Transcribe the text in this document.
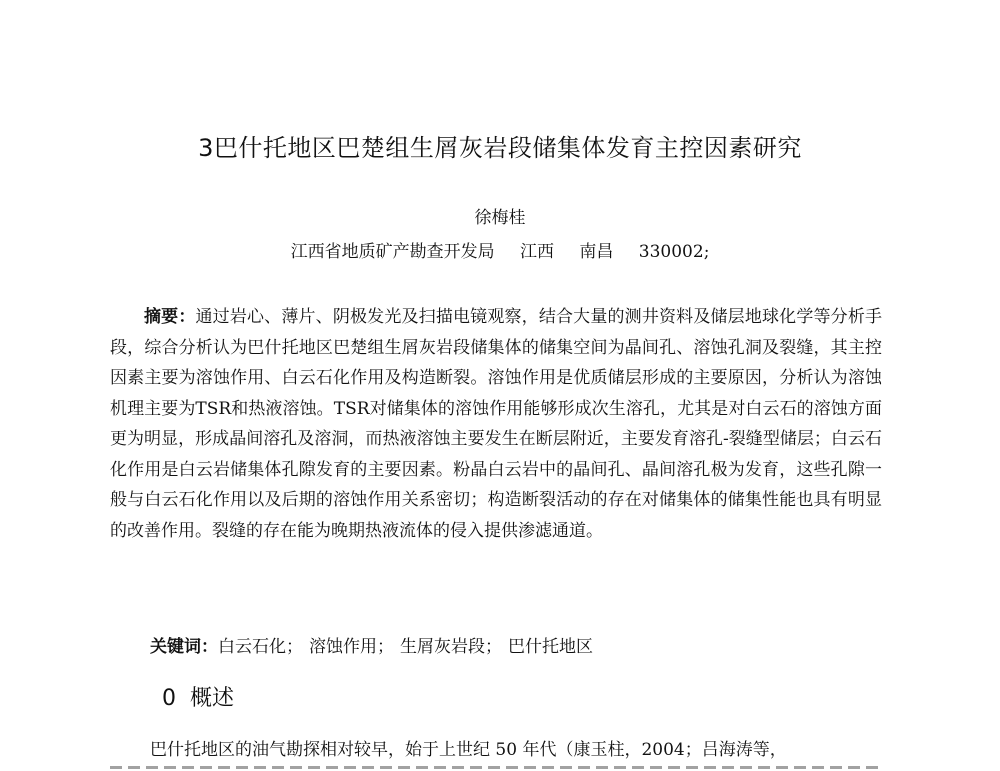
3巴什托地区巴楚组生屑灰岩段储集体发育主控因素研究

徐梅桂

江西省地质矿产勘查开发局 江西 南昌 330002;

摘要：通过岩心、薄片、阴极发光及扫描电镜观察，结合大量的测井资料及储层地球化学等分析手段，综合分析认为巴什托地区巴楚组生屑灰岩段储集体的储集空间为晶间孔、溶蚀孔洞及裂缝，其主控因素主要为溶蚀作用、白云石化作用及构造断裂。溶蚀作用是优质储层形成的主要原因，分析认为溶蚀机理主要为TSR和热液溶蚀。TSR对储集体的溶蚀作用能够形成次生溶孔，尤其是对白云石的溶蚀方面更为明显，形成晶间溶孔及溶洞，而热液溶蚀主要发生在断层附近，主要发育溶孔-裂缝型储层；白云石化作用是白云岩储集体孔隙发育的主要因素。粉晶白云岩中的晶间孔、晶间溶孔极为发育，这些孔隙一般与白云石化作用以及后期的溶蚀作用关系密切；构造断裂活动的存在对储集体的储集性能也具有明显的改善作用。裂缝的存在能为晚期热液流体的侵入提供渗滤通道。

关键词：白云石化； 溶蚀作用； 生屑灰岩段； 巴什托地区

0 概述

巴什托地区的油气勘探相对较早，始于上世纪 50 年代（康玉柱，2004；吕海涛等，
